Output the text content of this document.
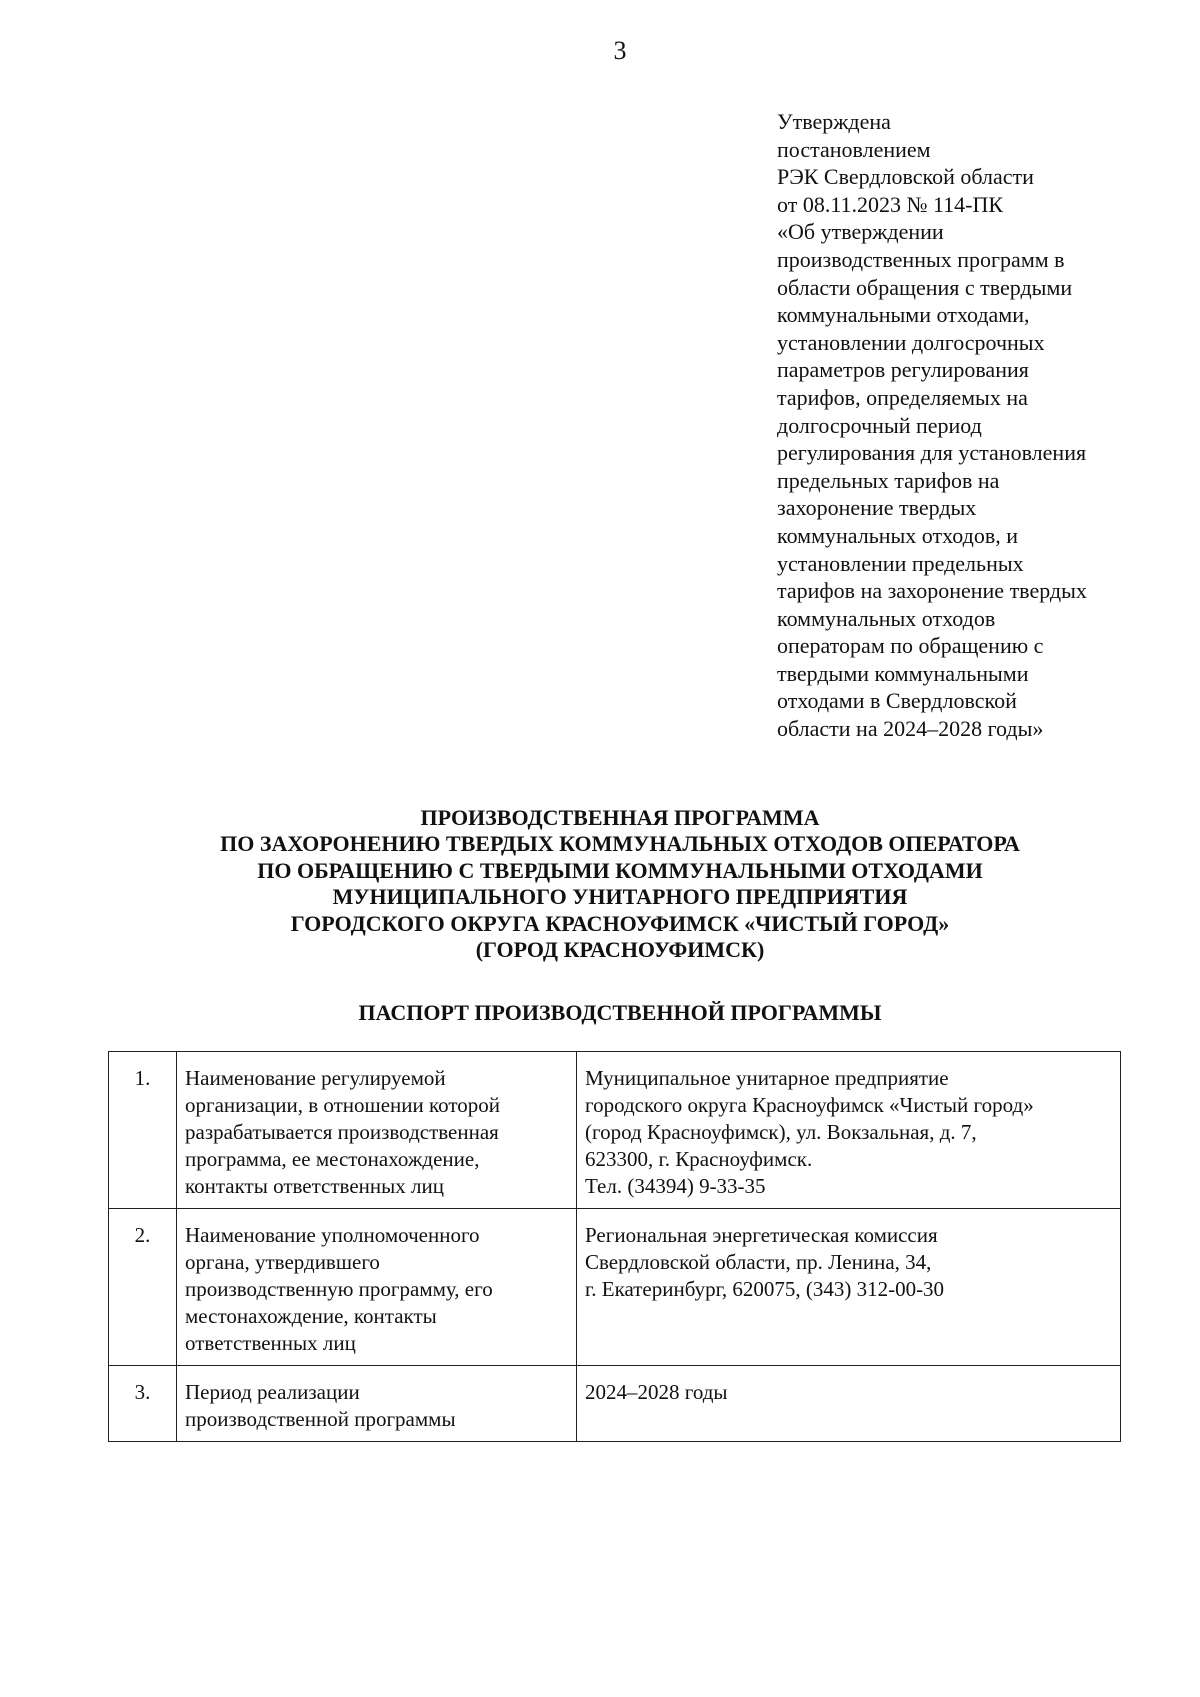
3
Утверждена
постановлением
РЭК Свердловской области
от 08.11.2023 № 114-ПК
«Об утверждении
производственных программ в
области обращения с твердыми
коммунальными отходами,
установлении долгосрочных
параметров регулирования
тарифов, определяемых на
долгосрочный период
регулирования для установления
предельных тарифов на
захоронение твердых
коммунальных отходов, и
установлении предельных
тарифов на захоронение твердых
коммунальных отходов
операторам по обращению с
твердыми коммунальными
отходами в Свердловской
области на 2024–2028 годы»
ПРОИЗВОДСТВЕННАЯ ПРОГРАММА
ПО ЗАХОРОНЕНИЮ ТВЕРДЫХ КОММУНАЛЬНЫХ ОТХОДОВ ОПЕРАТОРА
ПО ОБРАЩЕНИЮ С ТВЕРДЫМИ КОММУНАЛЬНЫМИ ОТХОДАМИ
МУНИЦИПАЛЬНОГО УНИТАРНОГО ПРЕДПРИЯТИЯ
ГОРОДСКОГО ОКРУГА КРАСНОУФИМСК «ЧИСТЫЙ ГОРОД»
(ГОРОД КРАСНОУФИМСК)
ПАСПОРТ ПРОИЗВОДСТВЕННОЙ ПРОГРАММЫ
1.	Наименование регулируемой
организации, в отношении которой
разрабатывается производственная
программа, ее местонахождение,
контакты ответственных лиц	Муниципальное унитарное предприятие
городского округа Красноуфимск «Чистый город»
(город Красноуфимск), ул. Вокзальная, д. 7,
623300, г. Красноуфимск.
Тел. (34394) 9-33-35

2.	Наименование уполномоченного
органа, утвердившего
производственную программу, его
местонахождение, контакты
ответственных лиц	Региональная энергетическая комиссия
Свердловской области, пр. Ленина, 34,
г. Екатеринбург, 620075, (343) 312-00-30

3.	Период реализации
производственной программы	2024–2028 годы
